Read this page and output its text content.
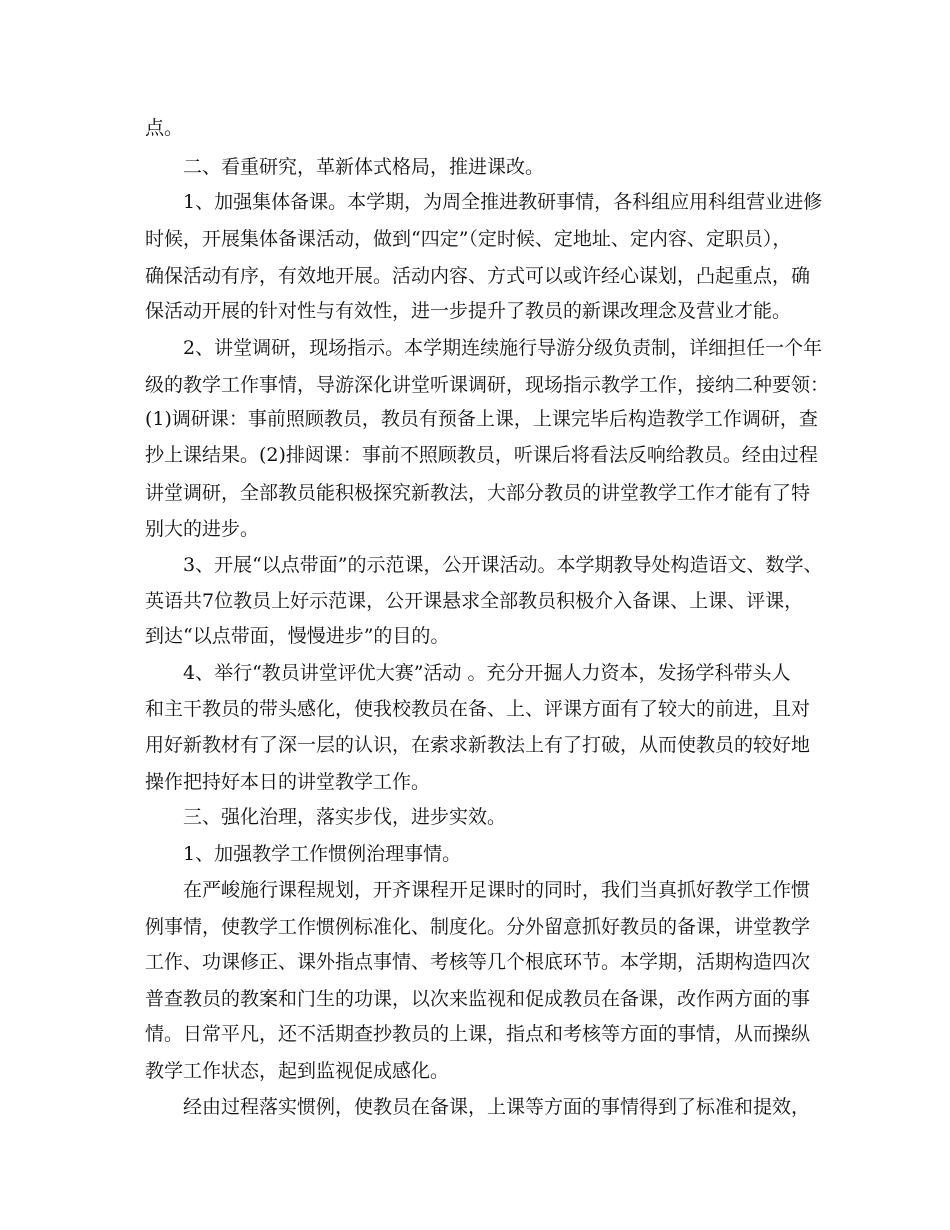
点。
二、看重研究，革新体式格局，推进课改。
1、加强集体备课。本学期，为周全推进教研事情，各科组应用科组营业进修
时候，开展集体备课活动，做到“四定”（定时候、定地址、定内容、定职员），
确保活动有序，有效地开展。活动内容、方式可以或许经心谋划，凸起重点，确
保活动开展的针对性与有效性，进一步提升了教员的新课改理念及营业才能。
2、讲堂调研，现场指示。本学期连续施行导游分级负责制，详细担任一个年
级的教学工作事情，导游深化讲堂听课调研，现场指示教学工作，接纳二种要领：
(1)调研课：事前照顾教员，教员有预备上课，上课完毕后构造教学工作调研，查
抄上课结果。(2)排闼课：事前不照顾教员，听课后将看法反响给教员。经由过程
讲堂调研，全部教员能积极探究新教法，大部分教员的讲堂教学工作才能有了特
别大的进步。
3、开展“以点带面”的示范课，公开课活动。本学期教导处构造语文、数学、
英语共7位教员上好示范课，公开课悬求全部教员积极介入备课、上课、评课，
到达“以点带面，慢慢进步”的目的。
4、举行“教员讲堂评优大赛”活动 。充分开掘人力资本，发扬学科带头人
和主干教员的带头感化，使我校教员在备、上、评课方面有了较大的前进，且对
用好新教材有了深一层的认识，在索求新教法上有了打破，从而使教员的较好地
操作把持好本日的讲堂教学工作。
三、强化治理，落实步伐，进步实效。
1、加强教学工作惯例治理事情。
在严峻施行课程规划，开齐课程开足课时的同时，我们当真抓好教学工作惯
例事情，使教学工作惯例标准化、制度化。分外留意抓好教员的备课，讲堂教学
工作、功课修正、课外指点事情、考核等几个根底环节。本学期，活期构造四次
普查教员的教案和门生的功课，以次来监视和促成教员在备课，改作两方面的事
情。日常平凡，还不活期查抄教员的上课，指点和考核等方面的事情，从而操纵
教学工作状态，起到监视促成感化。
经由过程落实惯例，使教员在备课，上课等方面的事情得到了标准和提效，
